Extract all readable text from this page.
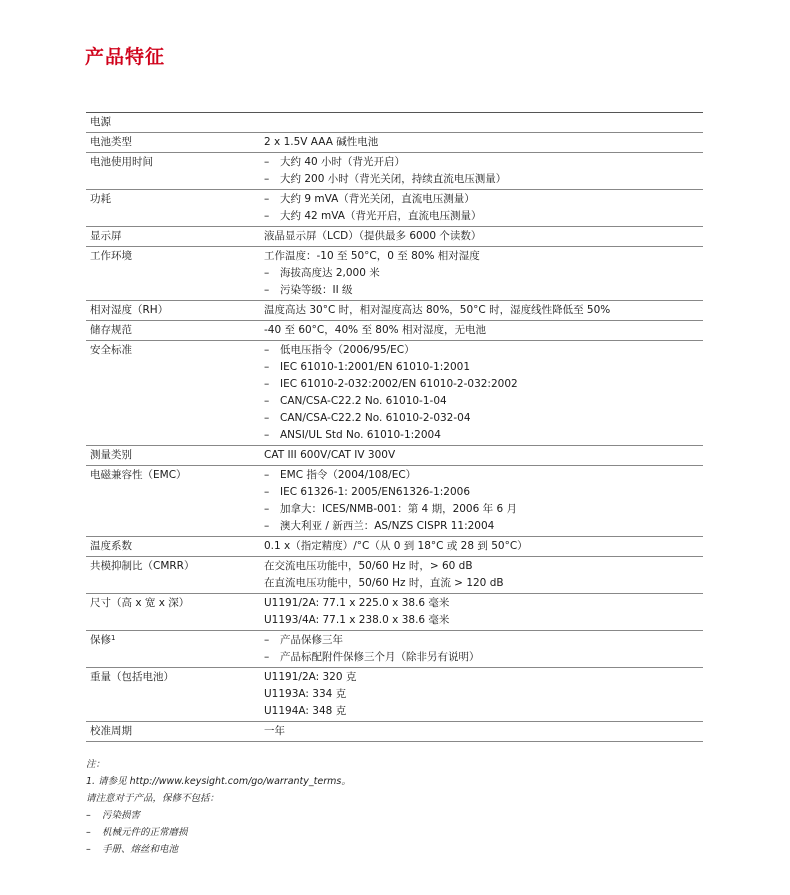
产品特征
电源
电池类型	2 x 1.5V AAA 碱性电池
电池使用时间	– 大约 40 小时（背光开启）
– 大约 200 小时（背光关闭，持续直流电压测量）
功耗	– 大约 9 mVA（背光关闭，直流电压测量）
– 大约 42 mVA（背光开启，直流电压测量）
显示屏	液晶显示屏（LCD）（提供最多 6000 个读数）
工作环境	工作温度：-10 至 50°C，0 至 80% 相对湿度
– 海拔高度达 2,000 米
– 污染等级：II 级
相对湿度（RH）	温度高达 30°C 时，相对湿度高达 80%，50°C 时，湿度线性降低至 50%
储存规范	-40 至 60°C，40% 至 80% 相对湿度，无电池
安全标准	– 低电压指令（2006/95/EC）
– IEC 61010-1:2001/EN 61010-1:2001
– IEC 61010-2-032:2002/EN 61010-2-032:2002
– CAN/CSA-C22.2 No. 61010-1-04
– CAN/CSA-C22.2 No. 61010-2-032-04
– ANSI/UL Std No. 61010-1:2004
测量类别	CAT III 600V/CAT IV 300V
电磁兼容性（EMC）	– EMC 指令（2004/108/EC）
– IEC 61326-1: 2005/EN61326-1:2006
– 加拿大：ICES/NMB-001：第 4 期，2006 年 6 月
– 澳大利亚 / 新西兰：AS/NZS CISPR 11:2004
温度系数	0.1 x（指定精度）/°C（从 0 到 18°C 或 28 到 50°C）
共模抑制比（CMRR）	在交流电压功能中，50/60 Hz 时，> 60 dB
在直流电压功能中，50/60 Hz 时，直流 > 120 dB
尺寸（高 x 宽 x 深）	U1191/2A: 77.1 x 225.0 x 38.6 毫米
U1193/4A: 77.1 x 238.0 x 38.6 毫米
保修$^1$	– 产品保修三年
– 产品标配附件保修三个月（除非另有说明）
重量（包括电池）	U1191/2A: 320 克
U1193A: 334 克
U1194A: 348 克
校准周期	一年
注：
1. 请参见 http://www.keysight.com/go/warranty_terms。
请注意对于产品，保修不包括：
– 污染损害
– 机械元件的正常磨损
– 手册、熔丝和电池
